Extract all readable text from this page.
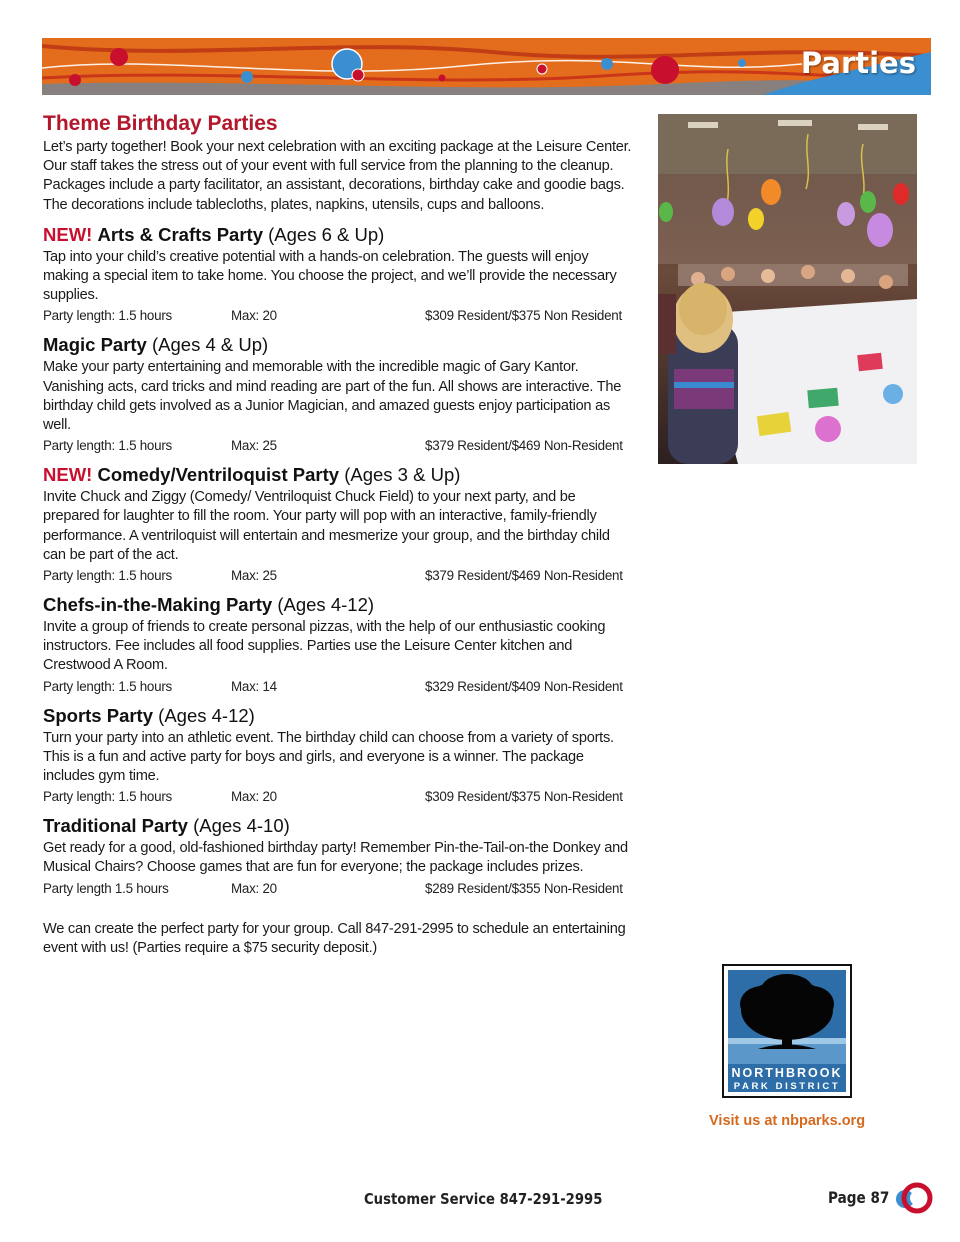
Parties
Theme Birthday Parties

Let’s party together! Book your next celebration with an exciting package at the Leisure Center. Our staff takes the stress out of your event with full service from the planning to the cleanup. Packages include a party facilitator, an assistant, decorations, birthday cake and goodie bags. The decorations include tablecloths, plates, napkins, utensils, cups and balloons.

NEW! Arts & Crafts Party (Ages 6 & Up)

Tap into your child’s creative potential with a hands-on celebration. The guests will enjoy making a special item to take home. You choose the project, and we’ll provide the necessary supplies.

Party length: 1.5 hours	Max: 20	$309 Resident/$375 Non Resident
Magic Party (Ages 4 & Up)

Make your party entertaining and memorable with the incredible magic of Gary Kantor. Vanishing acts, card tricks and mind reading are part of the fun. All shows are interactive. The birthday child gets involved as a Junior Magician, and amazed guests enjoy participation as well.

Party length: 1.5 hours	Max: 25	$379 Resident/$469 Non-Resident
NEW! Comedy/Ventriloquist Party (Ages 3 & Up)

Invite Chuck and Ziggy (Comedy/ Ventriloquist Chuck Field) to your next party, and be prepared for laughter to fill the room. Your party will pop with an interactive, family-friendly performance. A ventriloquist will entertain and mesmerize your group, and the birthday child can be part of the act.

Party length: 1.5 hours	Max: 25	$379 Resident/$469 Non-Resident
Chefs-in-the-Making Party (Ages 4-12)

Invite a group of friends to create personal pizzas, with the help of our enthusiastic cooking instructors. Fee includes all food supplies. Parties use the Leisure Center kitchen and Crestwood A Room.

Party length: 1.5 hours	Max: 14	$329 Resident/$409 Non-Resident
Sports Party (Ages 4-12)

Turn your party into an athletic event. The birthday child can choose from a variety of sports. This is a fun and active party for boys and girls, and everyone is a winner. The package includes gym time.

Party length: 1.5 hours	Max: 20	$309 Resident/$375 Non-Resident
Traditional Party (Ages 4-10)

Get ready for a good, old-fashioned birthday party! Remember Pin-the-Tail-on-the Donkey and Musical Chairs? Choose games that are fun for everyone; the package includes prizes.

Party length 1.5 hours	Max: 20	$289 Resident/$355 Non-Resident

We can create the perfect party for your group. Call 847-291-2995 to schedule an entertaining event with us! (Parties require a $75 security deposit.)

NORTHBROOK
PARK DISTRICT
Visit us at nbparks.org
Customer Service 847-291-2995	Page 87
